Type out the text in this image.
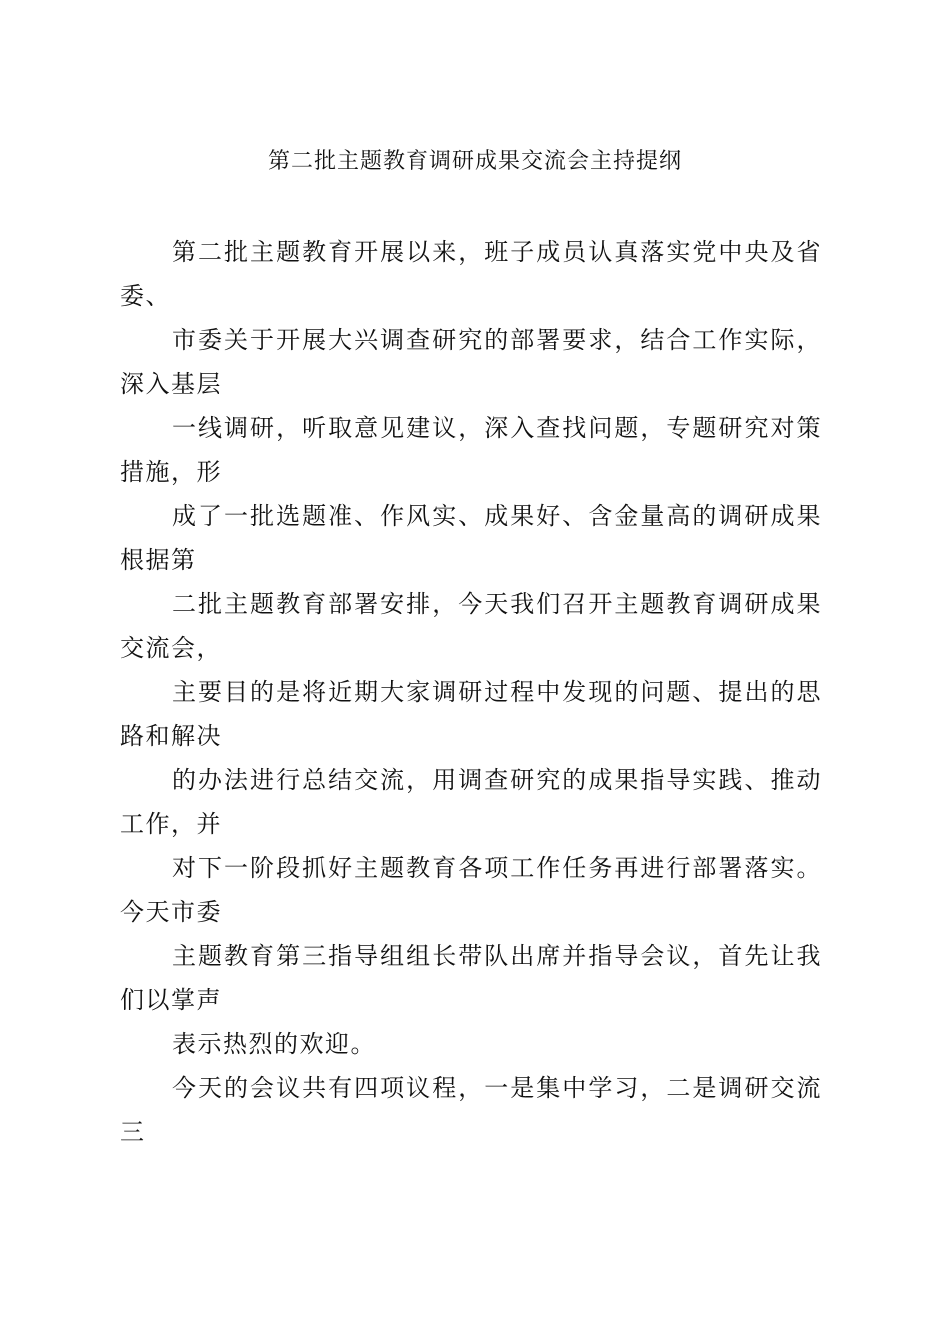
第二批主题教育调研成果交流会主持提纲
第二批主题教育开展以来，班子成员认真落实党中央及省
委、
市委关于开展大兴调查研究的部署要求，结合工作实际，
深入基层
一线调研，听取意见建议，深入查找问题，专题研究对策
措施，形
成了一批选题准、作风实、成果好、含金量高的调研成果
根据第
二批主题教育部署安排，今天我们召开主题教育调研成果
交流会，
主要目的是将近期大家调研过程中发现的问题、提出的思
路和解决
的办法进行总结交流，用调查研究的成果指导实践、推动
工作，并
对下一阶段抓好主题教育各项工作任务再进行部署落实。
今天市委
主题教育第三指导组组长带队出席并指导会议，首先让我
们以掌声
表示热烈的欢迎。
今天的会议共有四项议程，一是集中学习，二是调研交流
三
